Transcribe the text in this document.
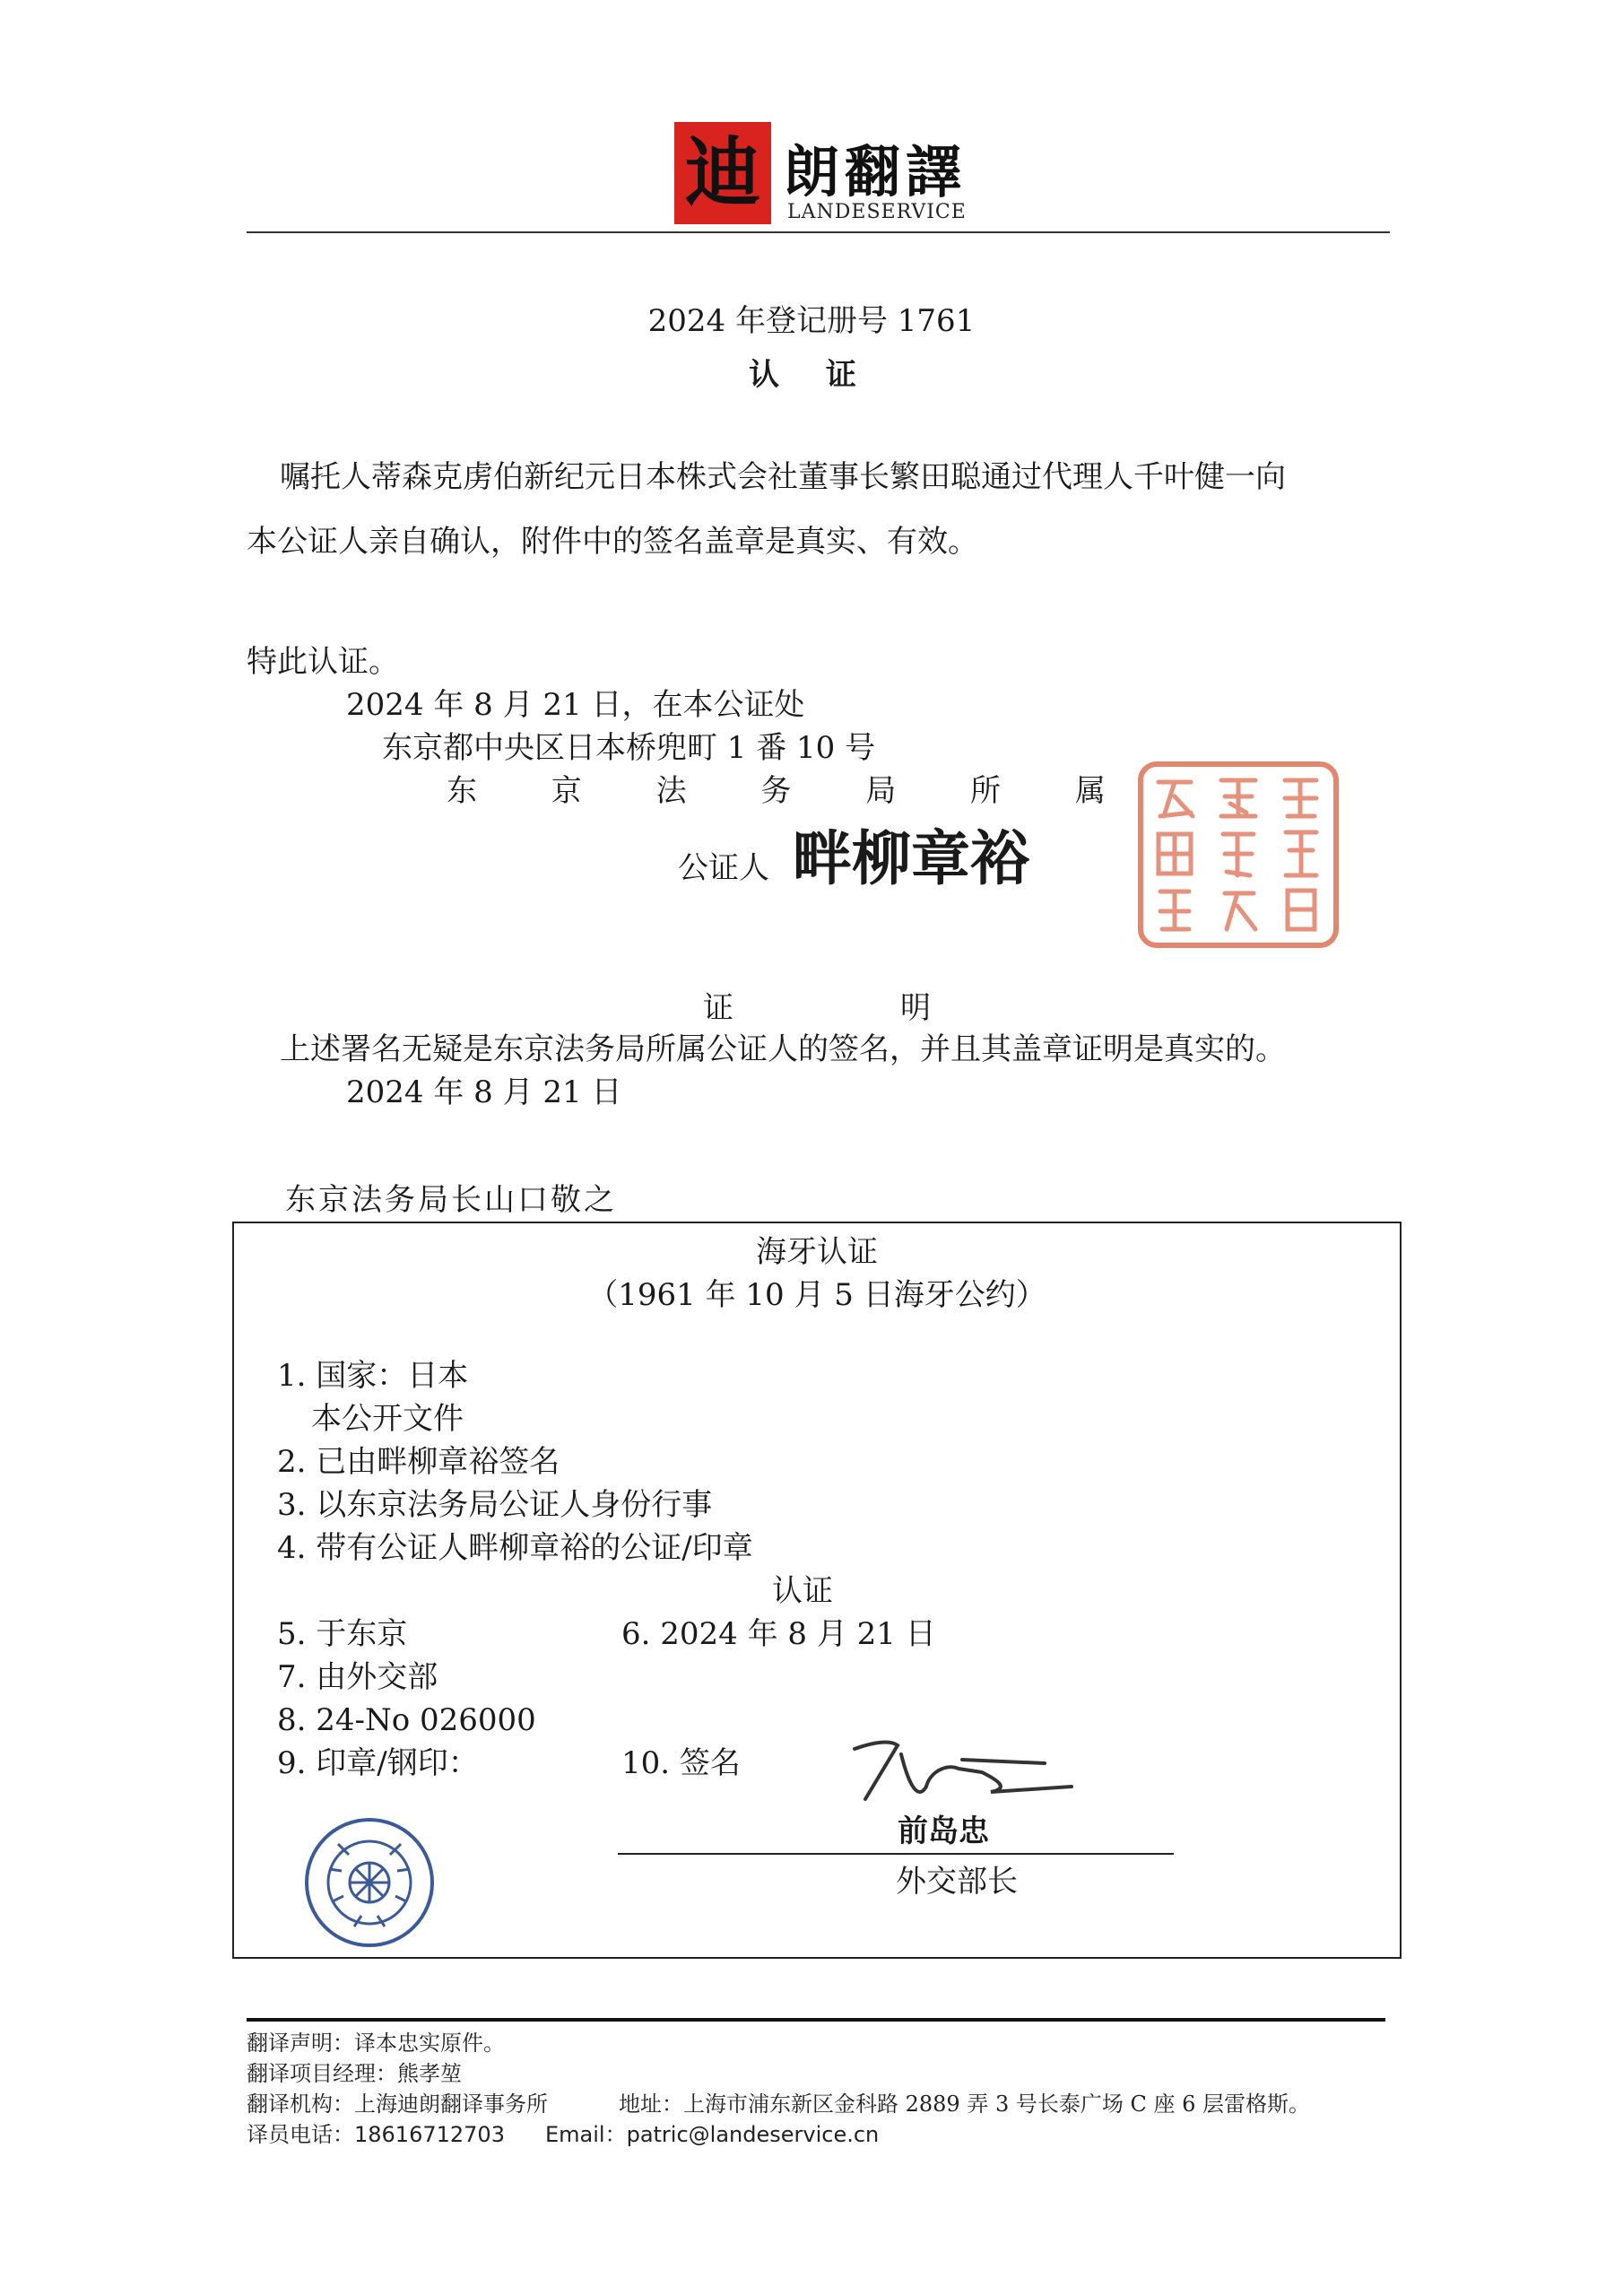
迪 朗翻譯
LANDESERVICE
2024 年登记册号 1761
认 证
嘱托人蒂森克虏伯新纪元日本株式会社董事长繁田聪通过代理人千叶健一向
本公证人亲自确认，附件中的签名盖章是真实、有效。
特此认证。
2024 年 8 月 21 日，在本公证处
东京都中央区日本桥兜町 1 番 10 号
东 京 法 务 局 所 属
公证人 畔柳章裕
证	明
上述署名无疑是东京法务局所属公证人的签名，并且其盖章证明是真实的。
2024 年 8 月 21 日
东京法务局长山口敬之
海牙认证
（1961 年 10 月 5 日海牙公约）
1. 国家：日本
本公开文件
2. 已由畔柳章裕签名
3. 以东京法务局公证人身份行事
4. 带有公证人畔柳章裕的公证/印章
认证
5. 于东京	6. 2024 年 8 月 21 日
7. 由外交部
8. 24-No 026000
9. 印章/钢印：	10. 签名
前岛忠
外交部长
翻译声明：译本忠实原件。
翻译项目经理：熊孝堃
翻译机构：上海迪朗翻译事务所	地址：上海市浦东新区金科路 2889 弄 3 号长泰广场 C 座 6 层雷格斯。
译员电话：18616712703 Email：patric@landeservice.cn
